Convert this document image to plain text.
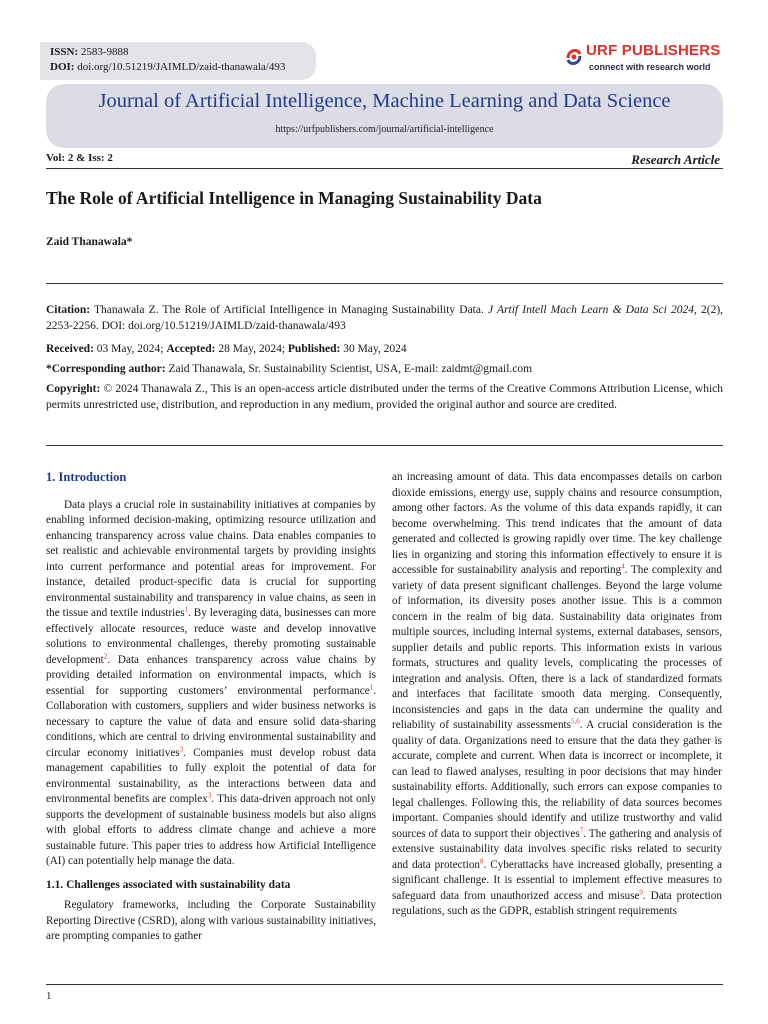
ISSN: 2583-9888
DOI: doi.org/10.51219/JAIMLD/zaid-thanawala/493
URF PUBLISHERS
connect with research world
Journal of Artificial Intelligence, Machine Learning and Data Science
https://urfpublishers.com/journal/artificial-intelligence
Vol: 2 & Iss: 2	Research Article
The Role of Artificial Intelligence in Managing Sustainability Data
Zaid Thanawala*
Citation: Thanawala Z. The Role of Artificial Intelligence in Managing Sustainability Data. J Artif Intell Mach Learn & Data Sci 2024, 2(2), 2253-2256. DOI: doi.org/10.51219/JAIMLD/zaid-thanawala/493
Received: 03 May, 2024; Accepted: 28 May, 2024; Published: 30 May, 2024
*Corresponding author: Zaid Thanawala, Sr. Sustainability Scientist, USA, E-mail: zaidmt@gmail.com
Copyright: © 2024 Thanawala Z., This is an open-access article distributed under the terms of the Creative Commons Attribution License, which permits unrestricted use, distribution, and reproduction in any medium, provided the original author and source are credited.
1. Introduction

Data plays a crucial role in sustainability initiatives at companies by enabling informed decision-making, optimizing resource utilization and enhancing transparency across value chains. Data enables companies to set realistic and achievable environmental targets by providing insights into current performance and potential areas for improvement. For instance, detailed product-specific data is crucial for supporting environmental sustainability and transparency in value chains, as seen in the tissue and textile industries$^1$. By leveraging data, businesses can more effectively allocate resources, reduce waste and develop innovative solutions to environmental challenges, thereby promoting sustainable development$^2$. Data enhances transparency across value chains by providing detailed information on environmental impacts, which is essential for supporting customers’ environmental performance$^1$. Collaboration with customers, suppliers and wider business networks is necessary to capture the value of data and ensure solid data-sharing conditions, which are central to driving environmental sustainability and circular economy initiatives$^3$. Companies must develop robust data management capabilities to fully exploit the potential of data for environmental sustainability, as the interactions between data and environmental benefits are complex$^3$. This data-driven approach not only supports the development of sustainable business models but also aligns with global efforts to address climate change and achieve a more sustainable future. This paper tries to address how Artificial Intelligence (AI) can potentially help manage the data.

1.1. Challenges associated with sustainability data

Regulatory frameworks, including the Corporate Sustainability Reporting Directive (CSRD), along with various sustainability initiatives, are prompting companies to gather

an increasing amount of data. This data encompasses details on carbon dioxide emissions, energy use, supply chains and resource consumption, among other factors. As the volume of this data expands rapidly, it can become overwhelming. This trend indicates that the amount of data generated and collected is growing rapidly over time. The key challenge lies in organizing and storing this information effectively to ensure it is accessible for sustainability analysis and reporting$^4$. The complexity and variety of data present significant challenges. Beyond the large volume of information, its diversity poses another issue. This is a common concern in the realm of big data. Sustainability data originates from multiple sources, including internal systems, external databases, sensors, supplier details and public reports. This information exists in various formats, structures and quality levels, complicating the processes of integration and analysis. Often, there is a lack of standardized formats and interfaces that facilitate smooth data merging. Consequently, inconsistencies and gaps in the data can undermine the quality and reliability of sustainability assessments$^{5,6}$. A crucial consideration is the quality of data. Organizations need to ensure that the data they gather is accurate, complete and current. When data is incorrect or incomplete, it can lead to flawed analyses, resulting in poor decisions that may hinder sustainability efforts. Additionally, such errors can expose companies to legal challenges. Following this, the reliability of data sources becomes important. Companies should identify and utilize trustworthy and valid sources of data to support their objectives$^7$. The gathering and analysis of extensive sustainability data involves specific risks related to security and data protection$^8$. Cyberattacks have increased globally, presenting a significant challenge. It is essential to implement effective measures to safeguard data from unauthorized access and misuse$^9$. Data protection regulations, such as the GDPR, establish stringent requirements

1
